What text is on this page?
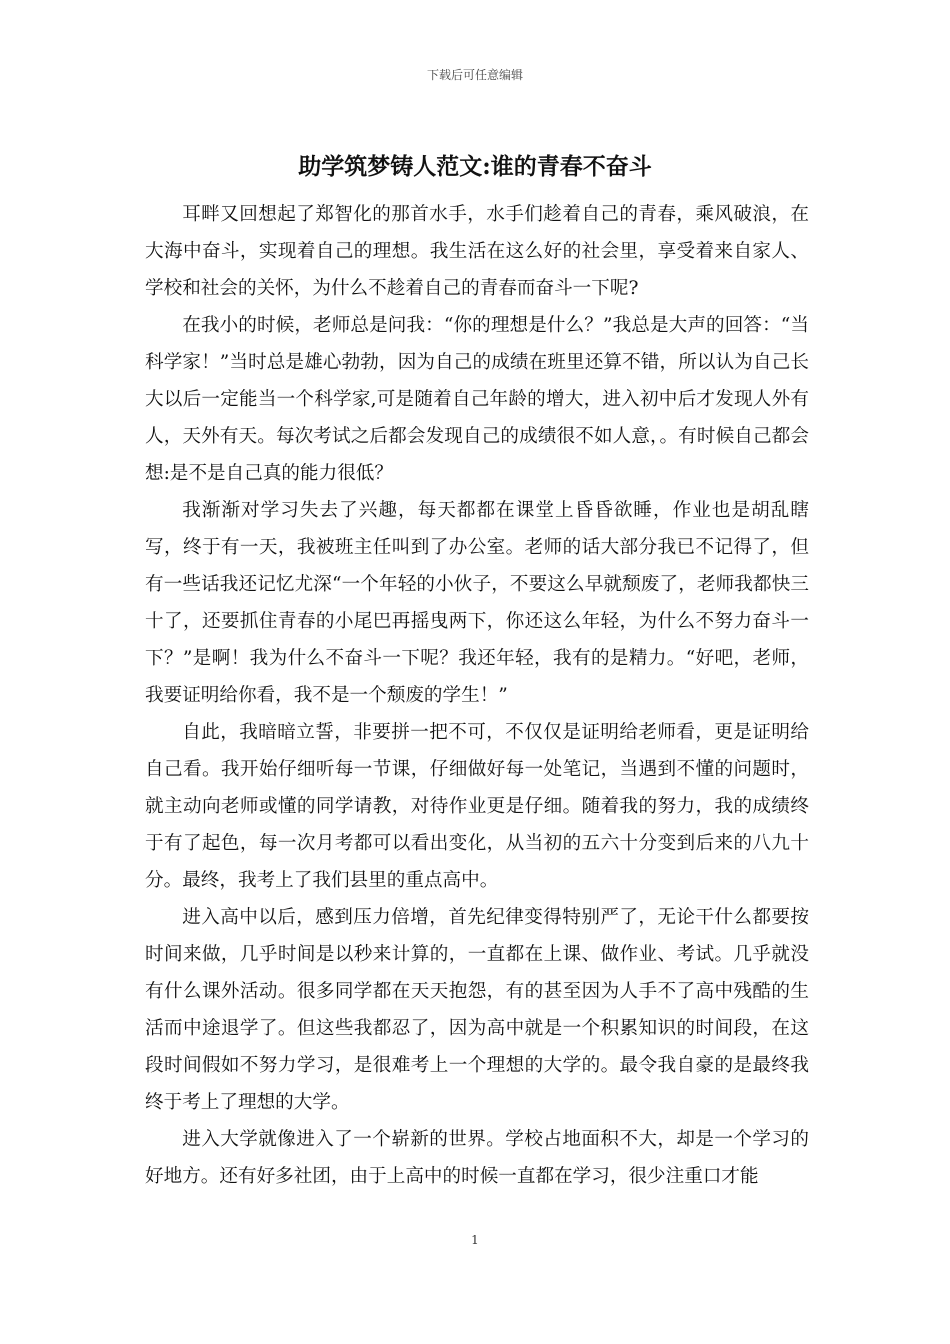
下载后可任意编辑
助学筑梦铸人范文:谁的青春不奋斗

耳畔又回想起了郑智化的那首水手，水手们趁着自己的青春，乘风破浪，在大海中奋斗，实现着自己的理想。我生活在这么好的社会里，享受着来自家人、学校和社会的关怀，为什么不趁着自己的青春而奋斗一下呢?

在我小的时候，老师总是问我：“你的理想是什么？”我总是大声的回答：“当科学家！”当时总是雄心勃勃，因为自己的成绩在班里还算不错，所以认为自己长大以后一定能当一个科学家,可是随着自己年龄的增大，进入初中后才发现人外有人，天外有天。每次考试之后都会发现自己的成绩很不如人意，。有时候自己都会想:是不是自己真的能力很低？

我渐渐对学习失去了兴趣，每天都都在课堂上昏昏欲睡，作业也是胡乱瞎写，终于有一天，我被班主任叫到了办公室。老师的话大部分我已不记得了，但有一些话我还记忆尤深“一个年轻的小伙子，不要这么早就颓废了，老师我都快三十了，还要抓住青春的小尾巴再摇曳两下，你还这么年轻，为什么不努力奋斗一下？”是啊！我为什么不奋斗一下呢？我还年轻，我有的是精力。“好吧，老师，我要证明给你看，我不是一个颓废的学生！”

自此，我暗暗立誓，非要拼一把不可，不仅仅是证明给老师看，更是证明给自己看。我开始仔细听每一节课，仔细做好每一处笔记，当遇到不懂的问题时，就主动向老师或懂的同学请教，对待作业更是仔细。随着我的努力，我的成绩终于有了起色，每一次月考都可以看出变化，从当初的五六十分变到后来的八九十分。最终，我考上了我们县里的重点高中。

进入高中以后，感到压力倍增，首先纪律变得特别严了，无论干什么都要按时间来做，几乎时间是以秒来计算的，一直都在上课、做作业、考试。几乎就没有什么课外活动。很多同学都在天天抱怨，有的甚至因为人手不了高中残酷的生活而中途退学了。但这些我都忍了，因为高中就是一个积累知识的时间段，在这段时间假如不努力学习，是很难考上一个理想的大学的。最令我自豪的是最终我终于考上了理想的大学。

进入大学就像进入了一个崭新的世界。学校占地面积不大，却是一个学习的好地方。还有好多社团，由于上高中的时候一直都在学习，很少注重口才能

1
